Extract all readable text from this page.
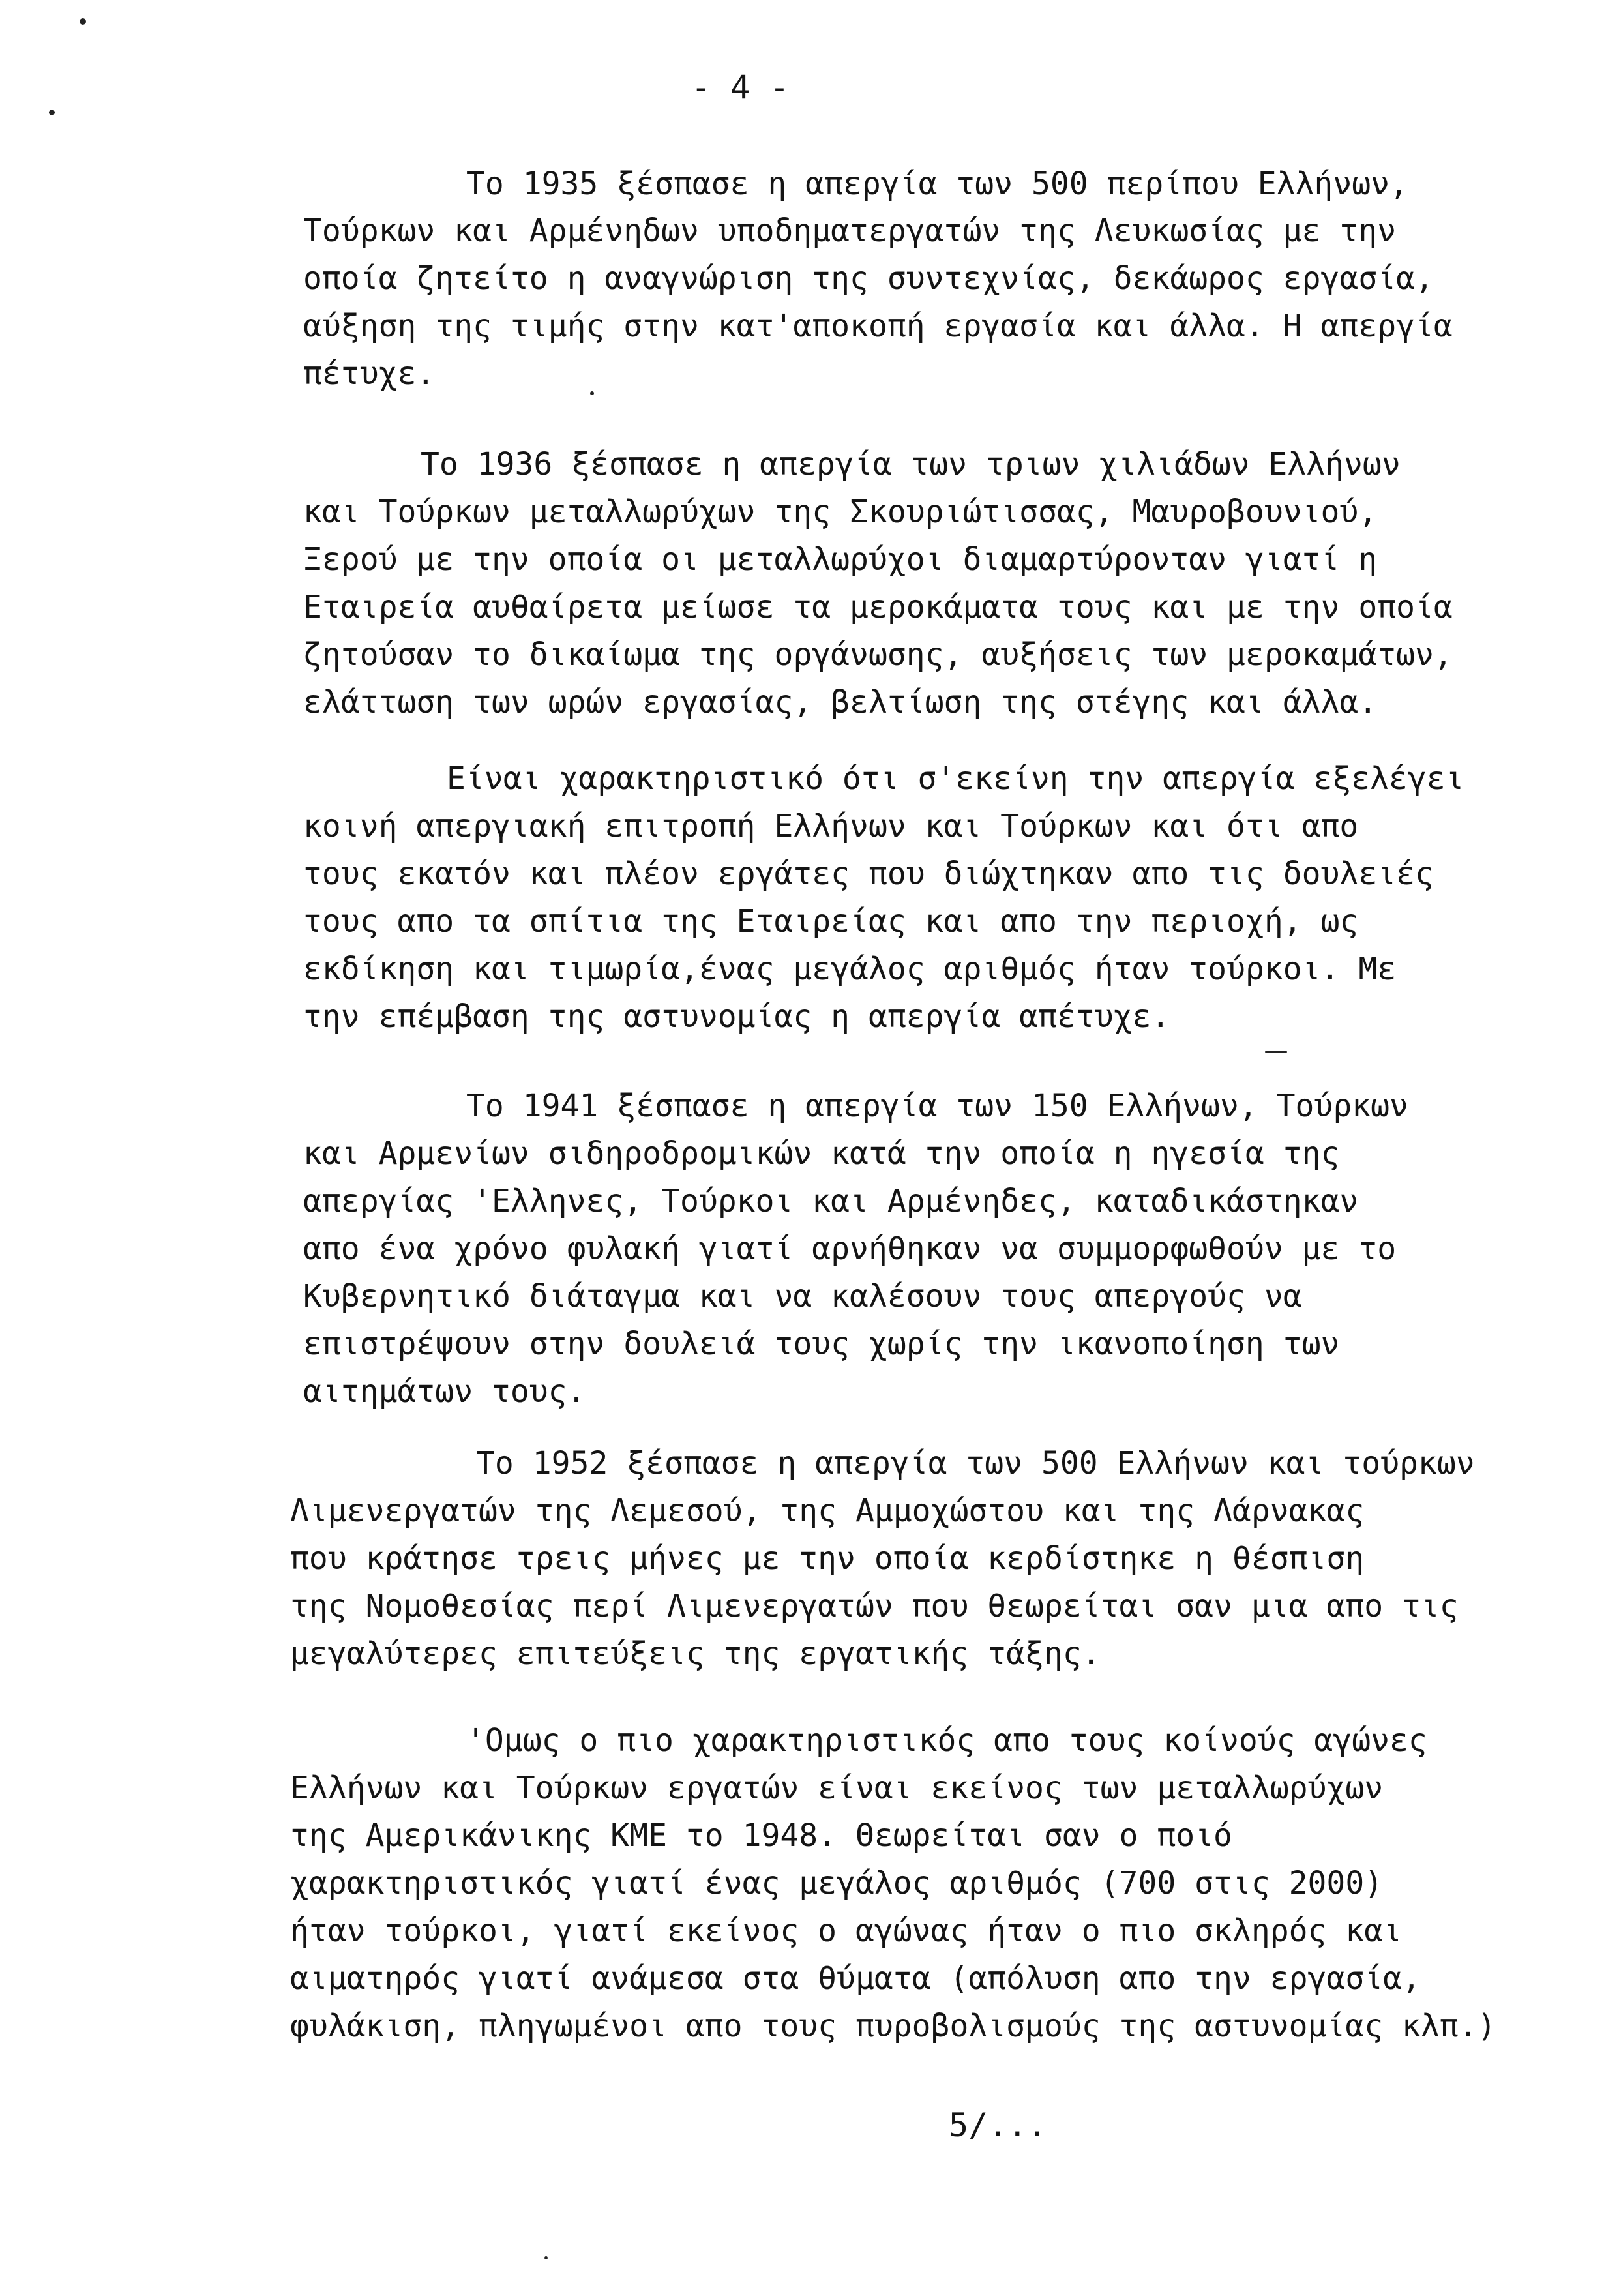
- 4 -
Το 1935 ξέσπασε η απεργία των 500 περίπου Ελλήνων,
Τούρκων και Αρμένηδων υποδηματεργατών της Λευκωσίας με την
οποία ζητείτο η αναγνώριση της συντεχνίας, δεκάωρος εργασία,
αύξηση της τιμής στην κατ'αποκοπή εργασία και άλλα. Η απεργία
πέτυχε.
Το 1936 ξέσπασε η απεργία των τριων χιλιάδων Ελλήνων
και Τούρκων μεταλλωρύχων της Σκουριώτισσας, Μαυροβουνιού,
Ξερού με την οποία οι μεταλλωρύχοι διαμαρτύρονταν γιατί η
Εταιρεία αυθαίρετα μείωσε τα μεροκάματα τους και με την οποία
ζητούσαν το δικαίωμα της οργάνωσης, αυξήσεις των μεροκαμάτων,
ελάττωση των ωρών εργασίας, βελτίωση της στέγης και άλλα.
Είναι χαρακτηριστικό ότι σ'εκείνη την απεργία εξελέγει
κοινή απεργιακή επιτροπή Ελλήνων και Τούρκων και ότι απο
τους εκατόν και πλέον εργάτες που διώχτηκαν απο τις δουλειές
τους απο τα σπίτια της Εταιρείας και απο την περιοχή, ως
εκδίκηση και τιμωρία,ένας μεγάλος αριθμός ήταν τούρκοι. Με
την επέμβαση της αστυνομίας η απεργία απέτυχε.
Το 1941 ξέσπασε η απεργία των 150 Ελλήνων, Τούρκων
και Αρμενίων σιδηροδρομικών κατά την οποία η ηγεσία της
απεργίας 'Ελληνες, Τούρκοι και Αρμένηδες, καταδικάστηκαν
απο ένα χρόνο φυλακή γιατί αρνήθηκαν να συμμορφωθούν με το
Κυβερνητικό διάταγμα και να καλέσουν τους απεργούς να
επιστρέψουν στην δουλειά τους χωρίς την ικανοποίηση των
αιτημάτων τους.
Το 1952 ξέσπασε η απεργία των 500 Ελλήνων και τούρκων
Λιμενεργατών της Λεμεσού, της Αμμοχώστου και της Λάρνακας
που κράτησε τρεις μήνες με την οποία κερδίστηκε η θέσπιση
της Νομοθεσίας περί Λιμενεργατών που θεωρείται σαν μια απο τις
μεγαλύτερες επιτεύξεις της εργατικής τάξης.
'Ομως ο πιο χαρακτηριστικός απο τους κοίνούς αγώνες
Ελλήνων και Τούρκων εργατών είναι εκείνος των μεταλλωρύχων
της Αμερικάνικης ΚΜΕ το 1948. Θεωρείται σαν ο ποιό
χαρακτηριστικός γιατί ένας μεγάλος αριθμός (700 στις 2000)
ήταν τούρκοι, γιατί εκείνος ο αγώνας ήταν ο πιο σκληρός και
αιματηρός γιατί ανάμεσα στα θύματα (απόλυση απο την εργασία,
φυλάκιση, πληγωμένοι απο τους πυροβολισμούς της αστυνομίας κλπ.)
5/...
